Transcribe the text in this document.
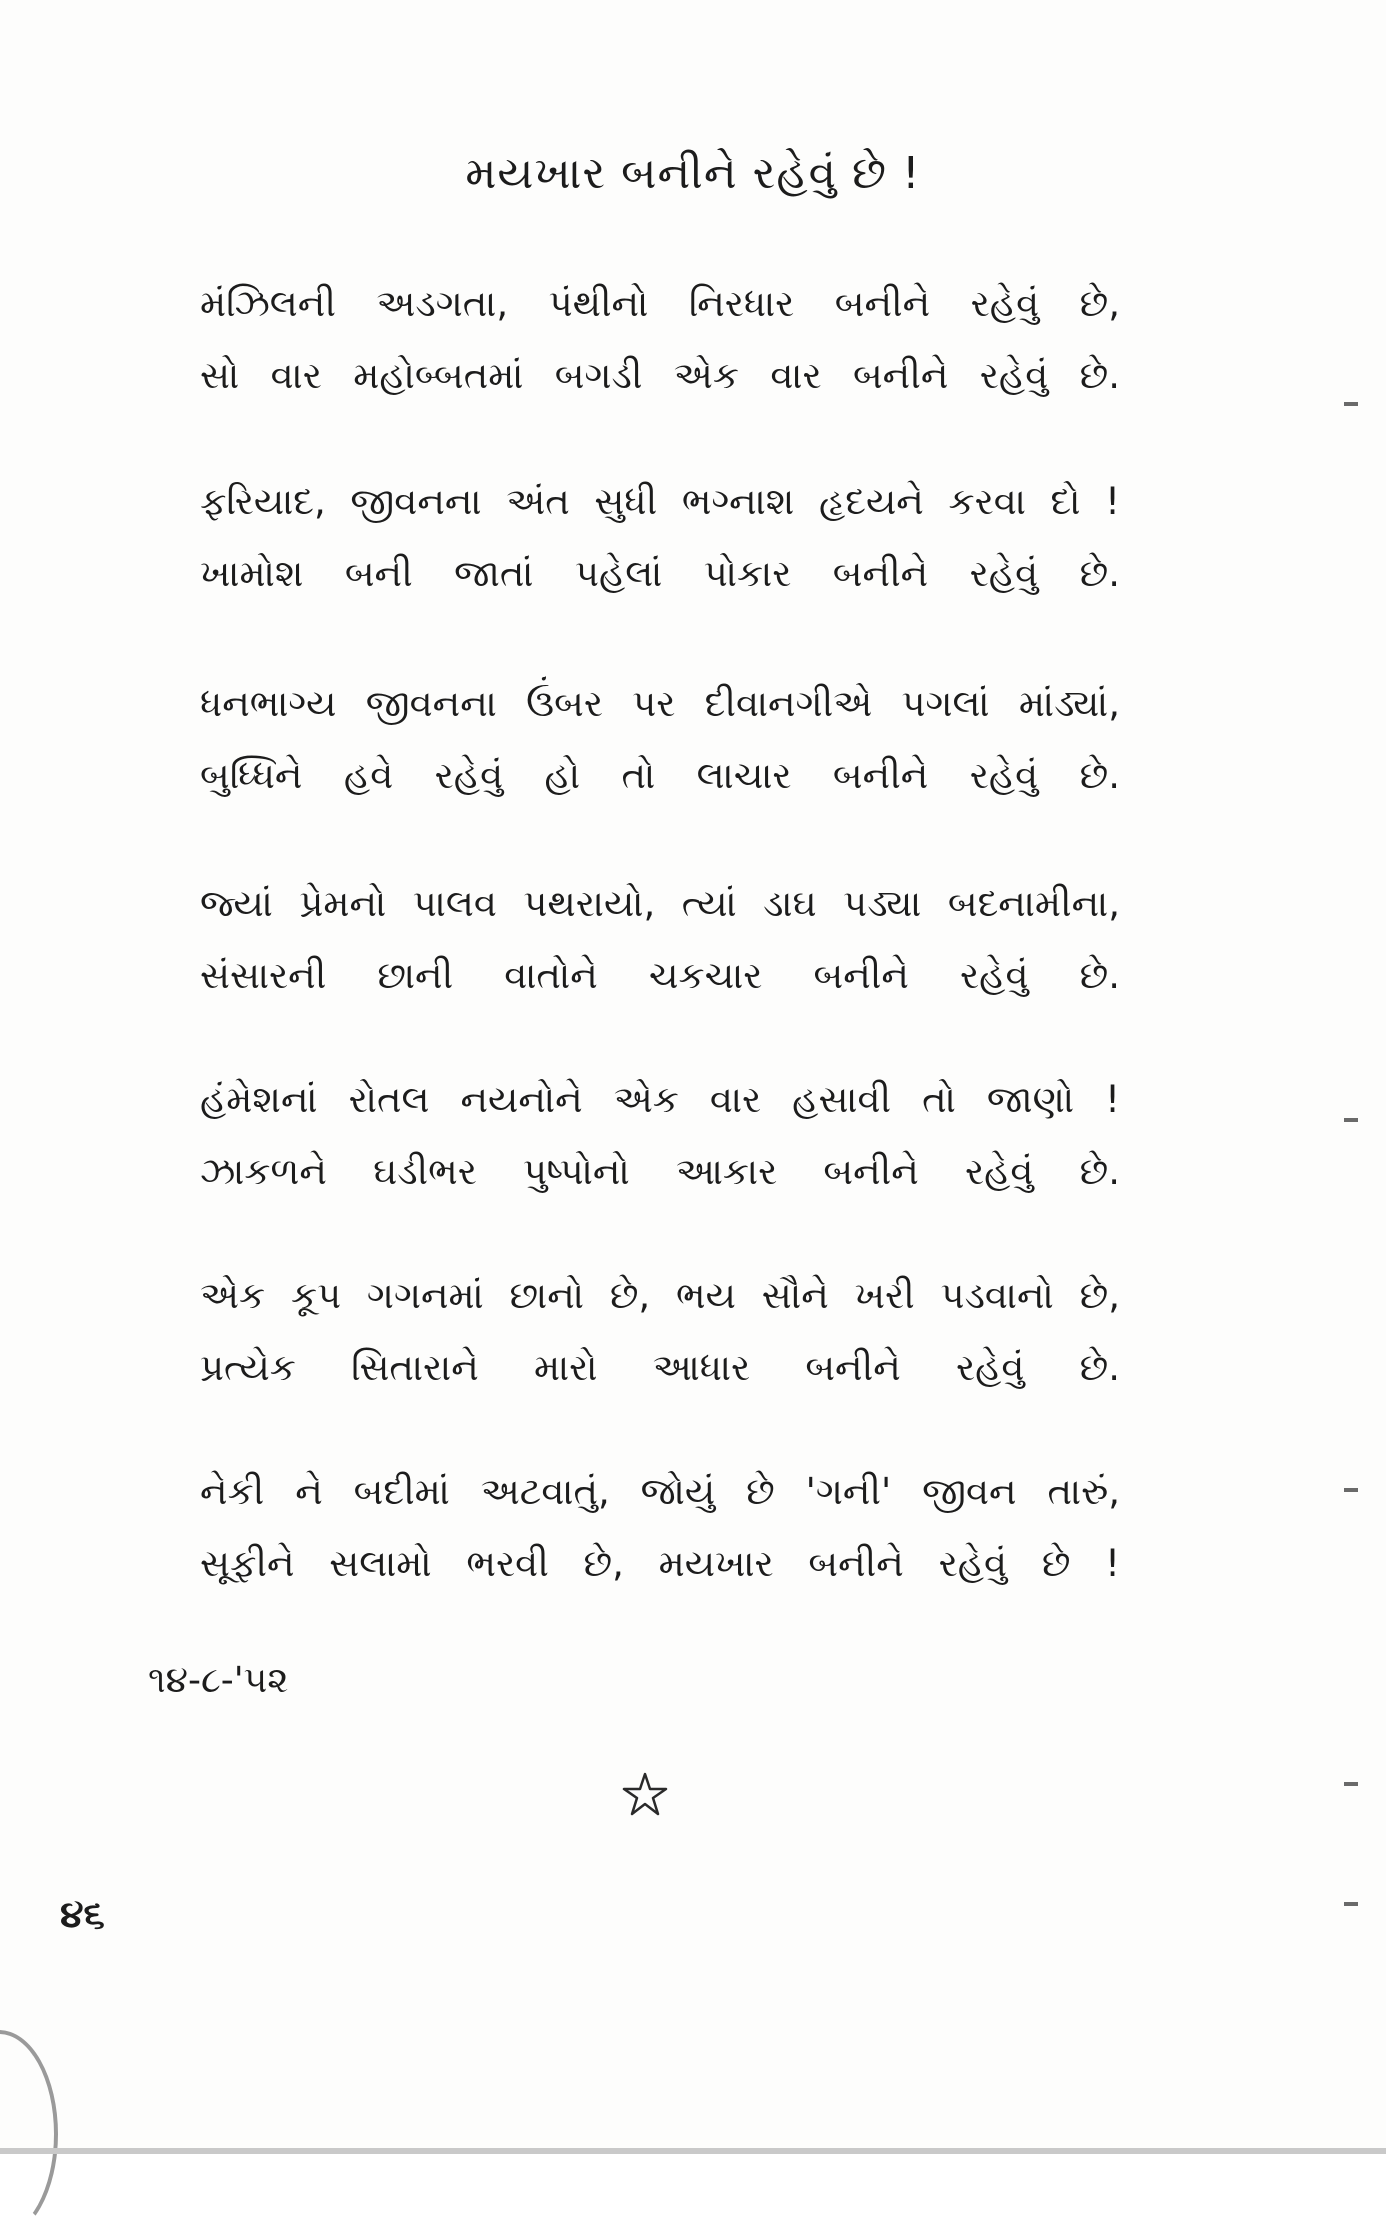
મયખાર બનીને રહેવું છે !
મંઝિલની અડગતા, પંથીનો નિરધાર બનીને રહેવું છે,
સો વાર મહોબ્બતમાં બગડી એક વાર બનીને રહેવું છે.
ફરિયાદ, જીવનના અંત સુધી ભગ્નાશ હૃદયને કરવા દો !
ખામોશ બની જાતાં પહેલાં પોકાર બનીને રહેવું છે.
ધનભાગ્ય જીવનના ઉંબર પર દીવાનગીએ પગલાં માંડ્યાં,
બુધ્ધિને હવે રહેવું હો તો લાચાર બનીને રહેવું છે.
જ્યાં પ્રેમનો પાલવ પથરાયો, ત્યાં ડાઘ પડ્યા બદનામીના,
સંસારની છાની વાતોને ચકચાર બનીને રહેવું છે.
હંમેશનાં રોતલ નયનોને એક વાર હસાવી તો જાણો !
ઝાકળને ઘડીભર પુષ્પોનો આકાર બનીને રહેવું છે.
એક કૂપ ગગનમાં છાનો છે, ભય સૌને ખરી પડવાનો છે,
પ્રત્યેક સિતારાને મારો આધાર બનીને રહેવું છે.
નેકી ને બદીમાં અટવાતું, જોયું છે 'ગની' જીવન તારું,
સૂફીને સલામો ભરવી છે, મયખાર બનીને રહેવું છે !
૧૪-૮-'૫૨
૪૬
